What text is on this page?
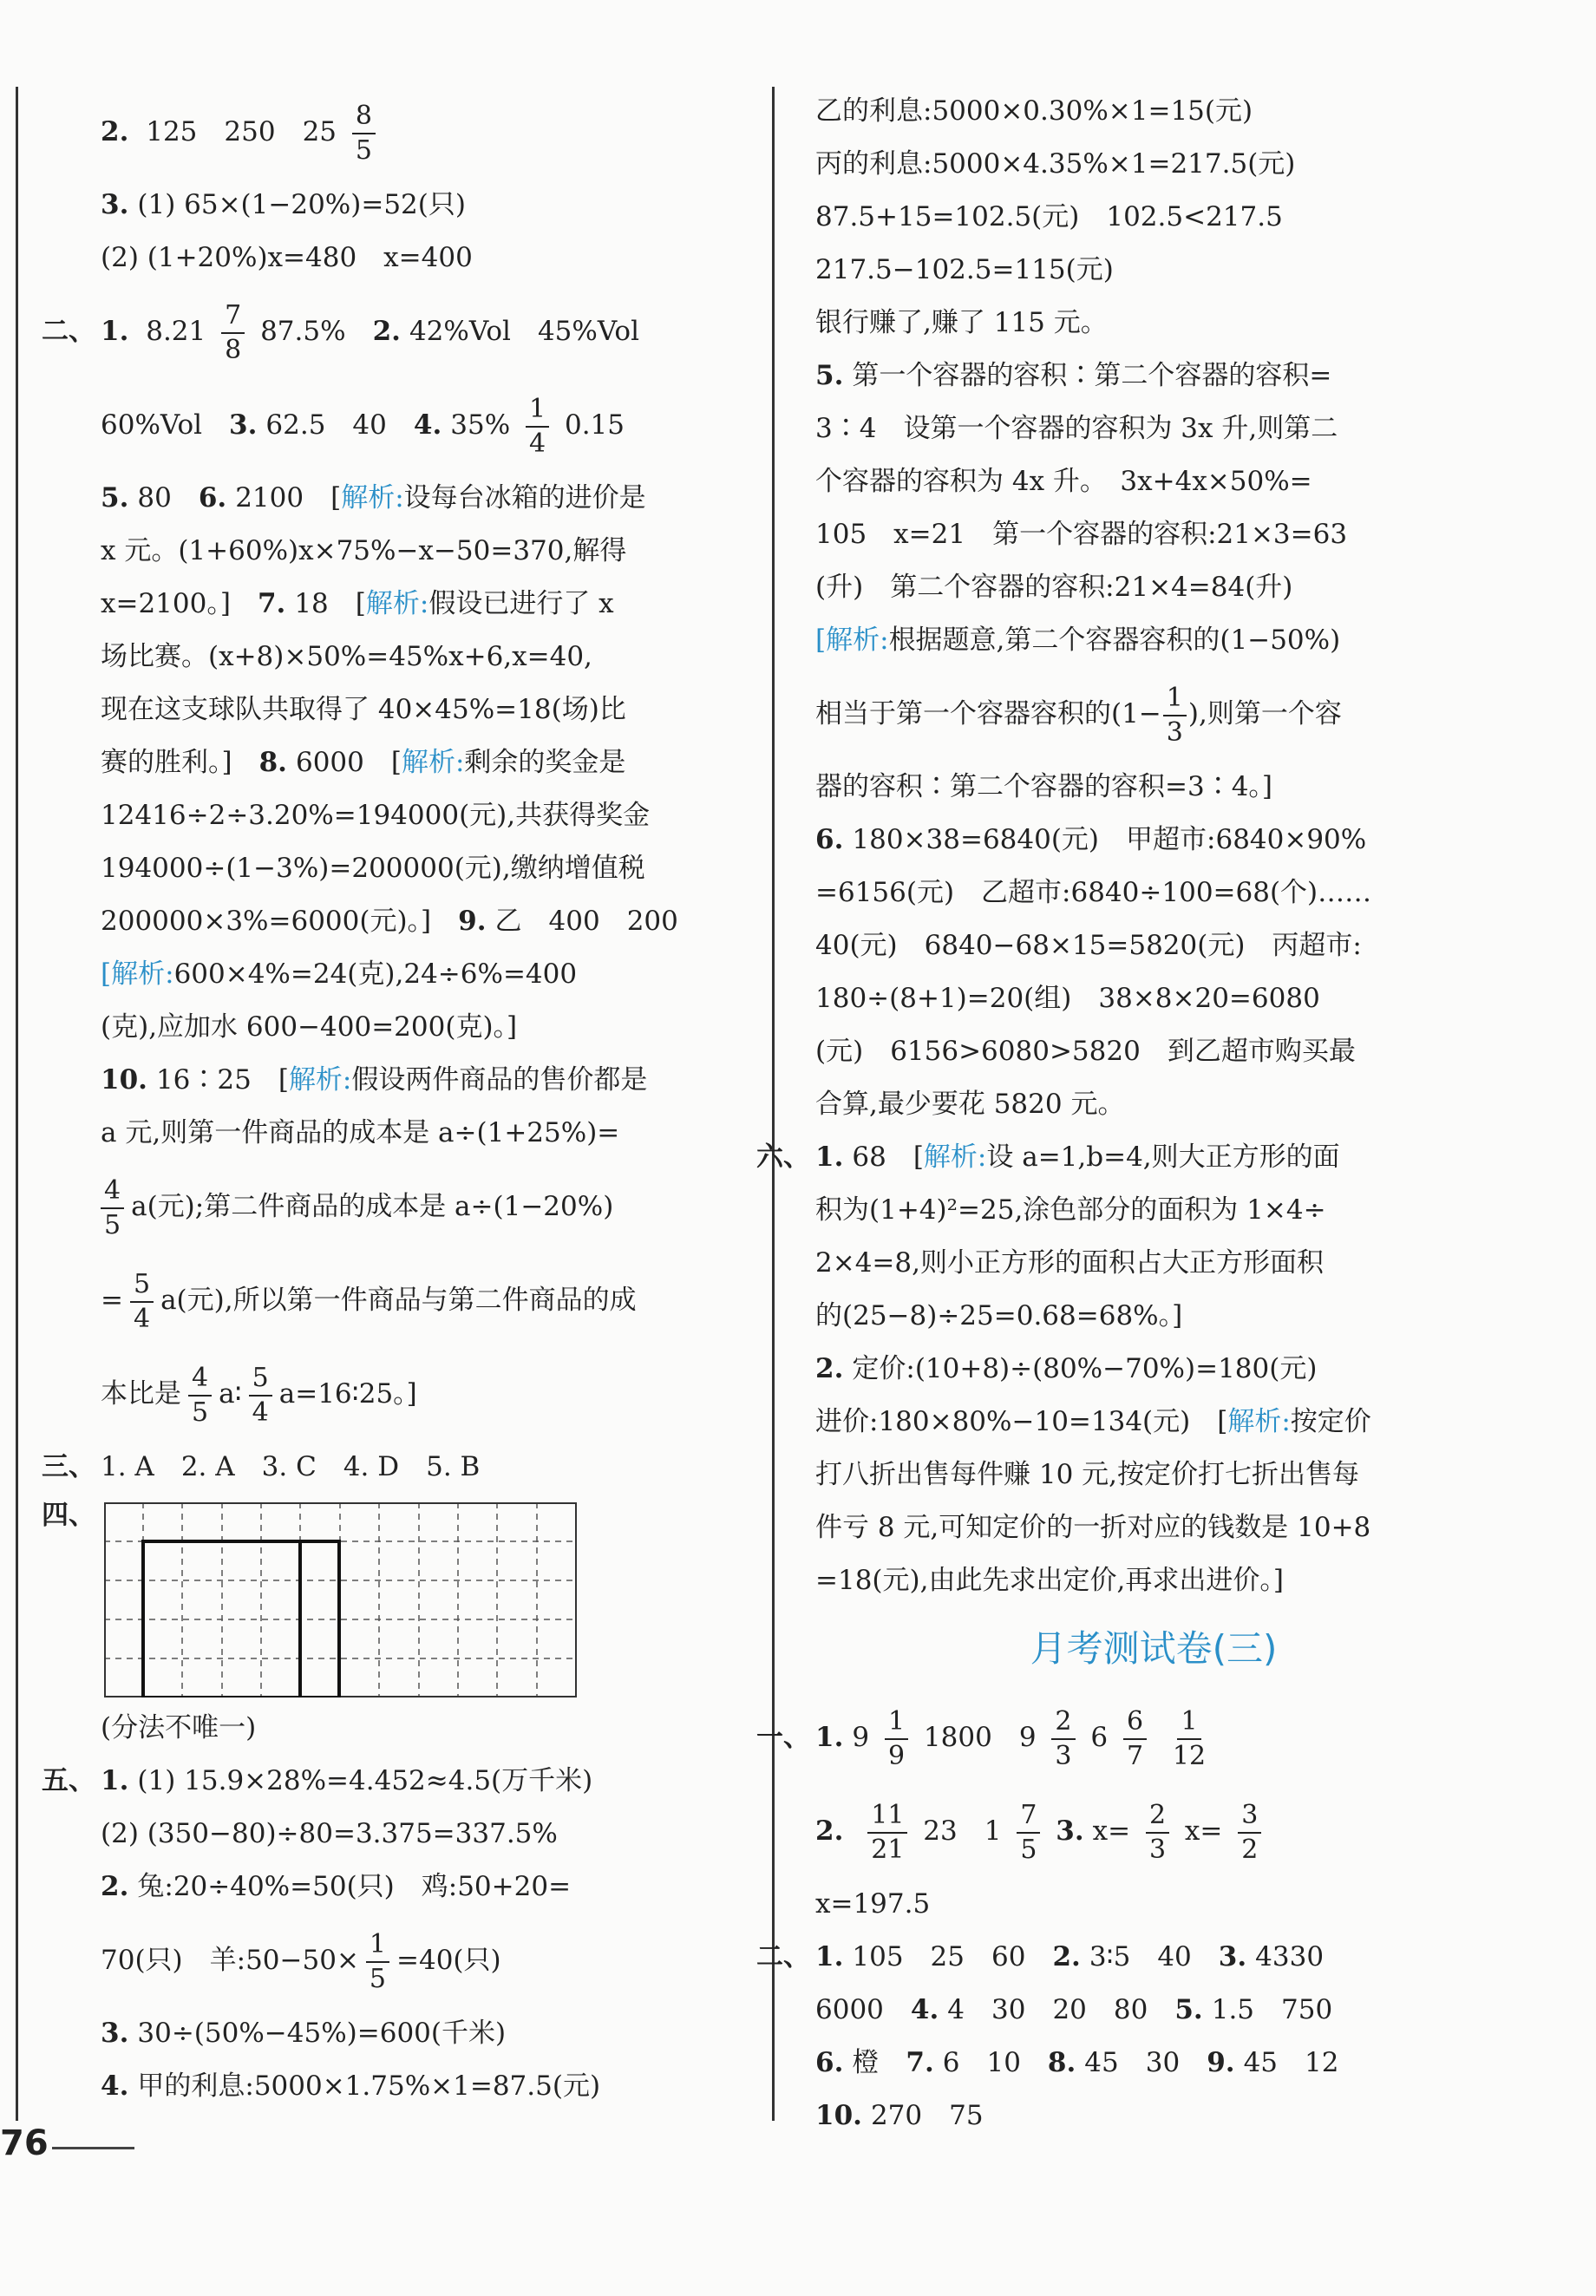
2. 125　250　$25 \frac{8}{5}$
3. (1) 65×(1−20%)=52(只)
(2) (1+20%)x=480　x=400
二、 1. $8.21 \frac{7}{8} 87.5\%$　 2. 42%Vol　45%Vol
60%Vol　 3. 62.5　40　 4. $35\% \frac{1}{4} 0.15$
5. 80　 6. 2100　[解析:设每台冰箱的进价是
x 元。(1+60%)x×75%−x−50=370,解得
x=2100。]　 7. 18　[解析:假设已进行了 x
场比赛。(x+8)×50%=45%x+6,x=40,
现在这支球队共取得了 40×45%=18(场)比
赛的胜利。]　 8. 6000　[解析:剩余的奖金是
12416÷2÷3.20%=194000(元),共获得奖金
194000÷(1−3%)=200000(元),缴纳增值税
200000×3%=6000(元)。]　 9. 乙　400　200
[解析:600×4%=24(克),24÷6%=400
(克),应加水 600−400=200(克)。]
10. 16∶25　[解析:假设两件商品的售价都是
a 元,则第一件商品的成本是 a÷(1+25%)=
$\frac{4}{5} a$(元);第二件商品的成本是 a÷(1−20%)
= $\frac{5}{4} a$(元),所以第一件商品与第二件商品的成
本比是 $\frac{4}{5}$ a∶ $\frac{5}{4}$ a=16∶25。]
三、 1. A　 2. A　 3. C　 4. D　 5. B
四、
(分法不唯一)
五、 1. (1) 15.9×28%=4.452≈4.5(万千米)
(2) (350−80)÷80=3.375=337.5%
2. 兔:20÷40%=50(只)　鸡:50+20=
70(只)　羊:50−50× $\frac{1}{5} =40$(只)
3. 30÷(50%−45%)=600(千米)
4. 甲的利息:5000×1.75%×1=87.5(元)
乙的利息:5000×0.30%×1=15(元)
丙的利息:5000×4.35%×1=217.5(元)
87.5+15=102.5(元)　102.5<217.5
217.5−102.5=115(元)
银行赚了,赚了 115 元。
5. 第一个容器的容积∶第二个容器的容积=
3∶4　设第一个容器的容积为 3x 升,则第二
个容器的容积为 4x 升。　3x+4x×50%=
105　x=21　第一个容器的容积:21×3=63
(升)　第二个容器的容积:21×4=84(升)
[解析:根据题意,第二个容器容积的(1−50%)
相当于第一个容器容积的($1- \frac{1}{3}$ ),则第一个容
器的容积∶第二个容器的容积=3∶4。]
6. 180×38=6840(元)　甲超市:6840×90%
=6156(元)　乙超市:6840÷100=68(个)……
40(元)　6840−68×15=5820(元)　丙超市:
180÷(8+1)=20(组)　38×8×20=6080
(元)　6156>6080>5820　到乙超市购买最
合算,最少要花 5820 元。
六、 1. 68　[解析:设 a=1,b=4,则大正方形的面
积为(1+4)²=25,涂色部分的面积为 1×4÷
2×4=8,则小正方形的面积占大正方形面积
的(25−8)÷25=0.68=68%。]
2. 定价:(10+8)÷(80%−70%)=180(元)
进价:180×80%−10=134(元)　[解析:按定价
打八折出售每件赚 10 元,按定价打七折出售每
件亏 8 元,可知定价的一折对应的钱数是 10+8
=18(元),由此先求出定价,再求出进价。]
月考测试卷(三)
一、 1. $9 \frac{1}{9} 1800$　$9 \frac{2}{3} 6 \frac{6}{7}$
$\frac{1}{12}$
2. $\frac{11}{21} 23$　$1 \frac{7}{5} 3$. $x= \frac{2}{3} x= \frac{3}{2}$
x=197.5
二、 1. 105　25　60　 2. 3∶5　40　 3. 4330
6000　 4. 4　30　20　80　 5. 1.5　750
6. 橙　 7. 6　10　 8. 45　30　 9. 45　12
10. 270　75
76
